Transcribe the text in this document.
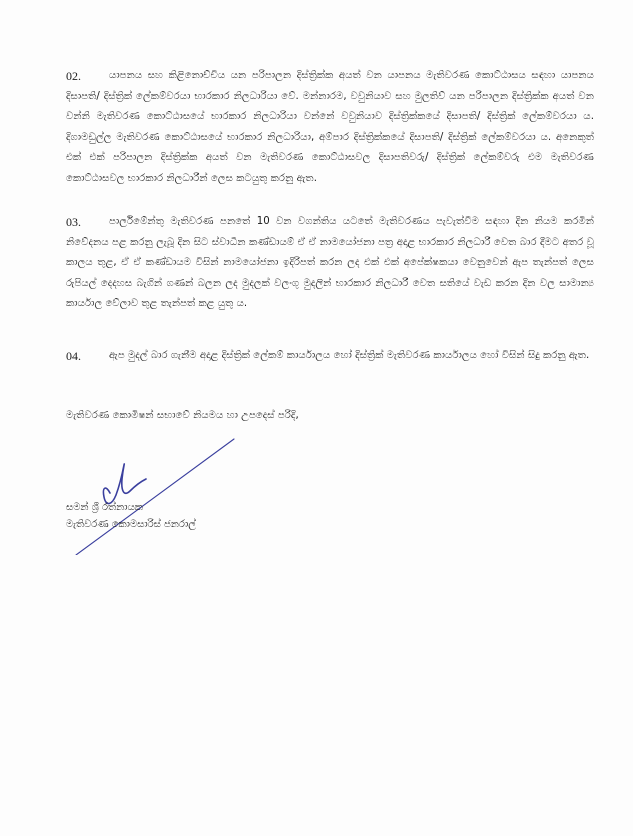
02.	යාපනය සහ කිළිනොච්චිය යන පරිපාලන දිස්ත්‍රික්ක අයත් වන යාපනය මැතිවරණ කොට්ඨාසය සඳහා යාපනය දිසාපති/ දිස්ත්‍රික් ලේකම්වරයා භාරකාර නිලධාරියා වේ. මන්නාරම, වවුනියාව සහ මුලතිව් යන පරිපාලන දිස්ත්‍රික්ක අයත් වන වන්නි මැතිවරණ කොට්ඨාසයේ භාරකාර නිලධාරියා වන්නේ වවුනියාව දිස්ත්‍රික්කයේ දිසාපති/ දිස්ත්‍රික් ලේකම්වරයා ය. දිගාමඩුල්ල මැතිවරණ කොට්ඨාසයේ භාරකාර නිලධාරියා, අම්පාර දිස්ත්‍රික්කයේ දිසාපති/ දිස්ත්‍රික් ලේකම්වරයා ය. අනෙකුත් එක් එක් පරිපාලන දිස්ත්‍රික්ක අයත් වන මැතිවරණ කොට්ඨාසවල දිසාපතිවරු/ දිස්ත්‍රික් ලේකම්වරු එම මැතිවරණ කොට්ඨාසවල භාරකාර නිලධාරීන් ලෙස කටයුතු කරනු ඇත.
03.	පාර්ලිමේන්තු මැතිවරණ පනතේ 10 වන වගන්තිය යටතේ මැතිවරණය පැවැත්වීම සඳහා දින නියම කරමින් නිවේදනය පළ කරනු ලැබූ දින සිට ස්වාධීන කණ්ඩායම් ඒ ඒ නාමයෝජනා පත්‍ර අදාළ භාරකාර නිලධාරී වෙත බාර දීමට අතර වූ කාලය තුළ, ඒ ඒ කණ්ඩායම විසින් නාමයෝජනා ඉදිරිපත් කරන ලද එක් එක් අපේක්ෂකයා වෙනුවෙන් ඇප තැන්පත් ලෙස රුපියල් දෙදහස බැගින් ගණන් බලන ලද මුදලක් වලංගු මුදලින් භාරකාර නිලධාරී වෙත සතියේ වැඩ කරන දින වල සාමාන්‍ය කාර්යාල වේලාව තුළ තැන්පත් කළ යුතු ය.
04.	ඇප මුදල් බාර ගැනීම අදාළ දිස්ත්‍රික් ලේකම් කාර්යාලය හෝ දිස්ත්‍රික් මැතිවරණ කාර්යාලය හෝ විසින් සිදු කරනු ඇත.
මැතිවරණ කොමිෂන් සභාවේ නියමය හා උපදෙස් පරිදි,
සමන් ශ්‍රී රත්නායක
මැතිවරණ කොමසාරිස් ජනරාල්
